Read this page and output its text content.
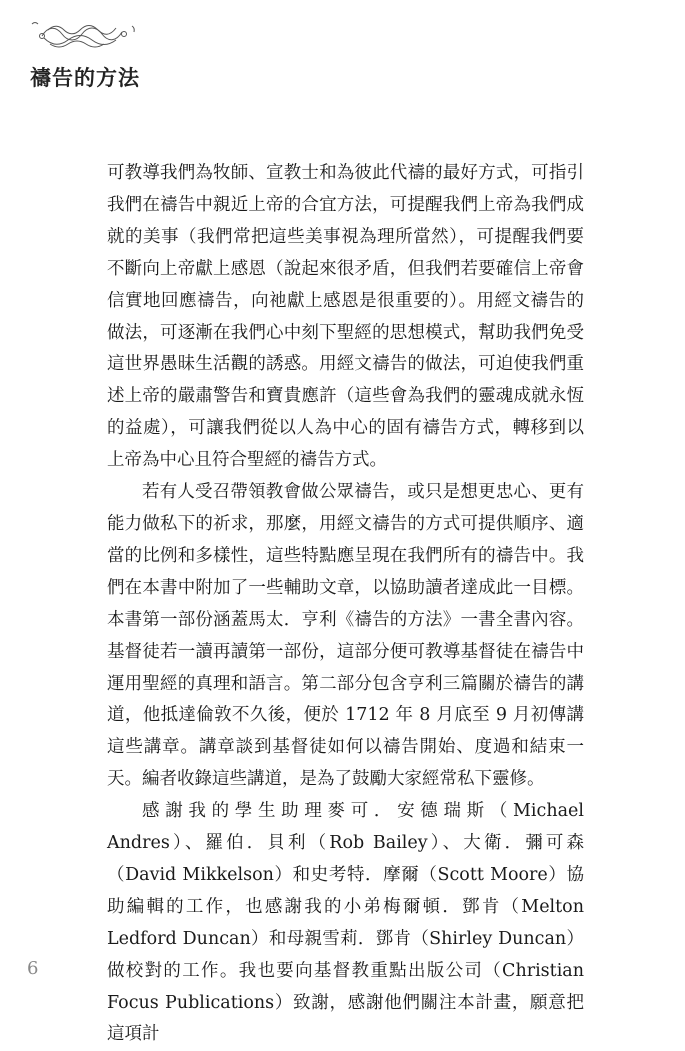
禱告的方法

可教導我們為牧師、宣教士和為彼此代禱的最好方式，可指引我們在禱告中親近上帝的合宜方法，可提醒我們上帝為我們成就的美事（我們常把這些美事視為理所當然），可提醒我們要不斷向上帝獻上感恩（說起來很矛盾，但我們若要確信上帝會信實地回應禱告，向祂獻上感恩是很重要的）。用經文禱告的做法，可逐漸在我們心中刻下聖經的思想模式，幫助我們免受這世界愚昧生活觀的誘惑。用經文禱告的做法，可迫使我們重述上帝的嚴肅警告和寶貴應許（這些會為我們的靈魂成就永恆的益處），可讓我們從以人為中心的固有禱告方式，轉移到以上帝為中心且符合聖經的禱告方式。

若有人受召帶領教會做公眾禱告，或只是想更忠心、更有能力做私下的祈求，那麼，用經文禱告的方式可提供順序、適當的比例和多樣性，這些特點應呈現在我們所有的禱告中。我們在本書中附加了一些輔助文章，以協助讀者達成此一目標。本書第一部份涵蓋馬太．亨利《禱告的方法》一書全書內容。基督徒若一讀再讀第一部份，這部分便可教導基督徒在禱告中運用聖經的真理和語言。第二部分包含亨利三篇關於禱告的講道，他抵達倫敦不久後，便於 1712 年 8 月底至 9 月初傳講這些講章。講章談到基督徒如何以禱告開始、度過和結束一天。編者收錄這些講道，是為了鼓勵大家經常私下靈修。

感謝我的學生助理麥可．安德瑞斯（Michael Andres）、羅伯．貝利（Rob Bailey）、大衛．彌可森（David Mikkelson）和史考特．摩爾（Scott Moore）協助編輯的工作，也感謝我的小弟梅爾頓．鄧肯（Melton Ledford Duncan）和母親雪莉．鄧肯（Shirley Duncan）做校對的工作。我也要向基督教重點出版公司（Christian Focus Publications）致謝，感謝他們關注本計畫，願意把這項計

6
